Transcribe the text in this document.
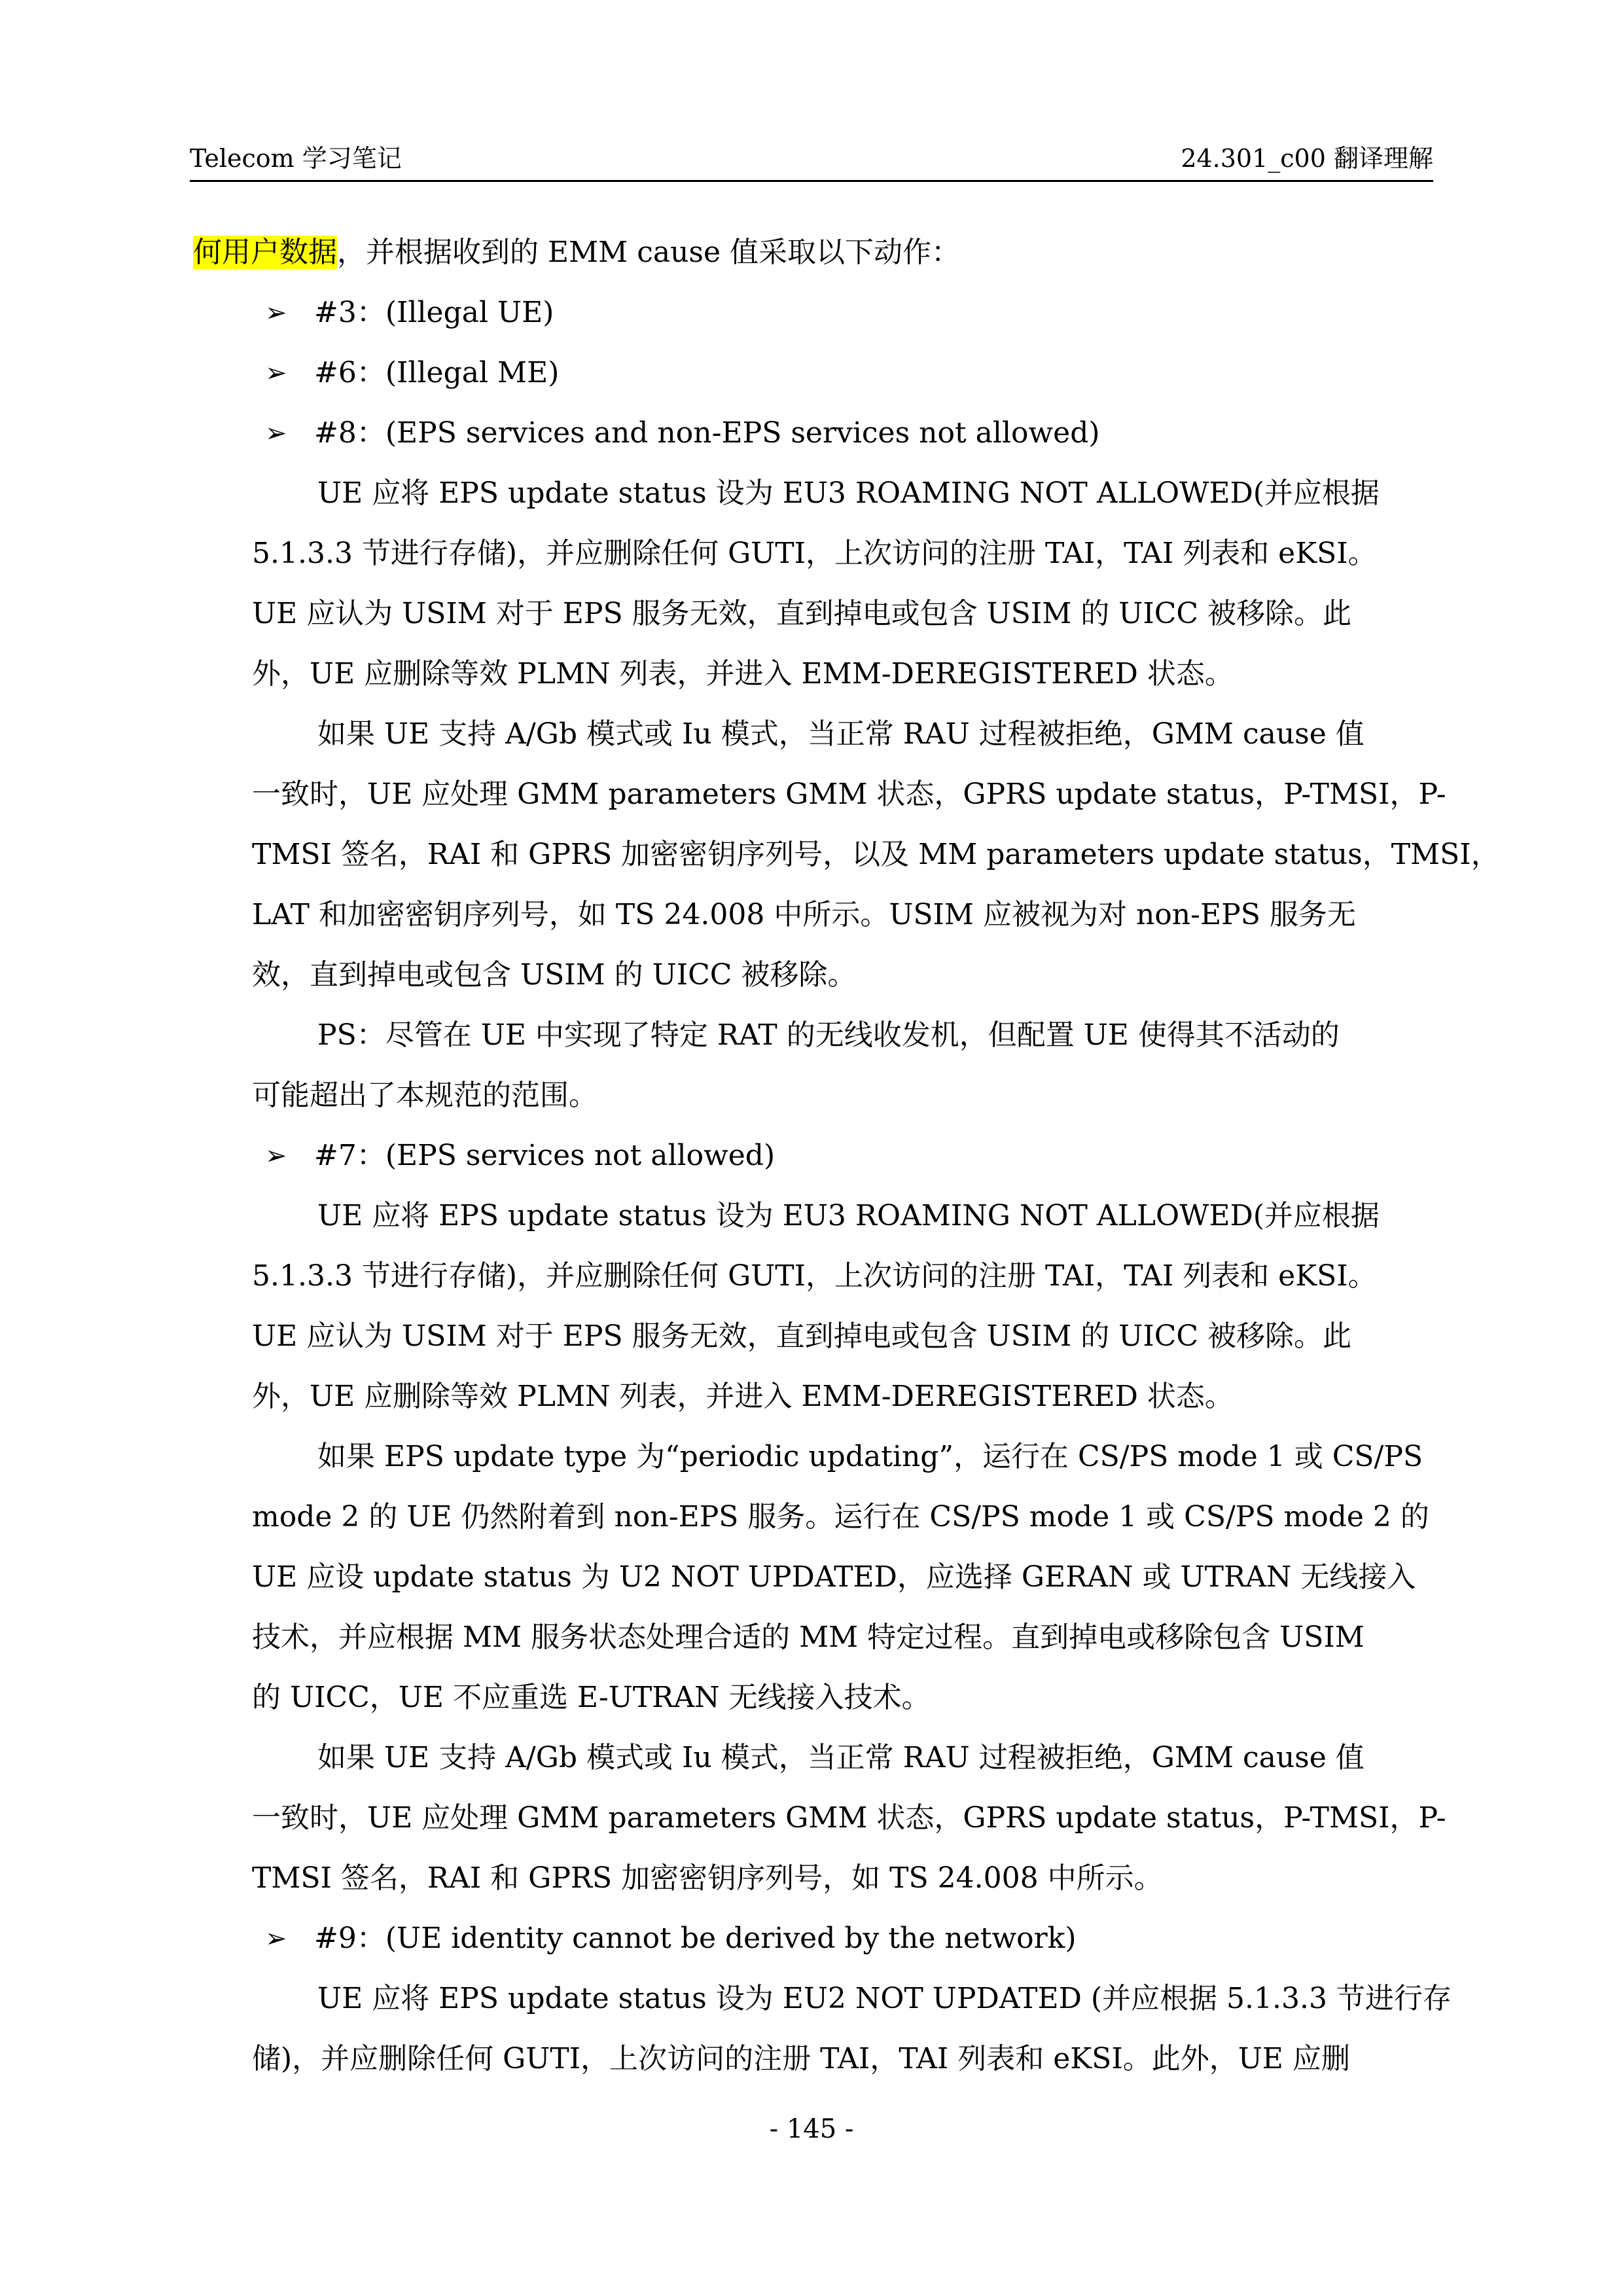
Telecom 学习笔记	24.301_c00 翻译理解

何用户数据，并根据收到的 EMM cause 值采取以下动作：

➢ #3：(Illegal UE)

➢ #6：(Illegal ME)

➢ #8：(EPS services and non-EPS services not allowed)

UE 应将 EPS update status 设为 EU3 ROAMING NOT ALLOWED(并应根据

5.1.3.3 节进行存储)，并应删除任何 GUTI，上次访问的注册 TAI，TAI 列表和 eKSI。

UE 应认为 USIM 对于 EPS 服务无效，直到掉电或包含 USIM 的 UICC 被移除。此

外，UE 应删除等效 PLMN 列表，并进入 EMM-DEREGISTERED 状态。

如果 UE 支持 A/Gb 模式或 Iu 模式，当正常 RAU 过程被拒绝，GMM cause 值

一致时，UE 应处理 GMM parameters GMM 状态，GPRS update status，P-TMSI，P-

TMSI 签名，RAI 和 GPRS 加密密钥序列号，以及 MM parameters update status，TMSI，

LAT 和加密密钥序列号，如 TS 24.008 中所示。USIM 应被视为对 non-EPS 服务无

效，直到掉电或包含 USIM 的 UICC 被移除。

PS：尽管在 UE 中实现了特定 RAT 的无线收发机，但配置 UE 使得其不活动的

可能超出了本规范的范围。

➢ #7：(EPS services not allowed)

UE 应将 EPS update status 设为 EU3 ROAMING NOT ALLOWED(并应根据

5.1.3.3 节进行存储)，并应删除任何 GUTI，上次访问的注册 TAI，TAI 列表和 eKSI。

UE 应认为 USIM 对于 EPS 服务无效，直到掉电或包含 USIM 的 UICC 被移除。此

外，UE 应删除等效 PLMN 列表，并进入 EMM-DEREGISTERED 状态。

如果 EPS update type 为“periodic updating”，运行在 CS/PS mode 1 或 CS/PS

mode 2 的 UE 仍然附着到 non-EPS 服务。运行在 CS/PS mode 1 或 CS/PS mode 2 的

UE 应设 update status 为 U2 NOT UPDATED，应选择 GERAN 或 UTRAN 无线接入

技术，并应根据 MM 服务状态处理合适的 MM 特定过程。直到掉电或移除包含 USIM

的 UICC，UE 不应重选 E-UTRAN 无线接入技术。

如果 UE 支持 A/Gb 模式或 Iu 模式，当正常 RAU 过程被拒绝，GMM cause 值

一致时，UE 应处理 GMM parameters GMM 状态，GPRS update status，P-TMSI，P-

TMSI 签名，RAI 和 GPRS 加密密钥序列号，如 TS 24.008 中所示。

➢ #9：(UE identity cannot be derived by the network)

UE 应将 EPS update status 设为 EU2 NOT UPDATED (并应根据 5.1.3.3 节进行存

储)，并应删除任何 GUTI，上次访问的注册 TAI，TAI 列表和 eKSI。此外，UE 应删

- 145 -
